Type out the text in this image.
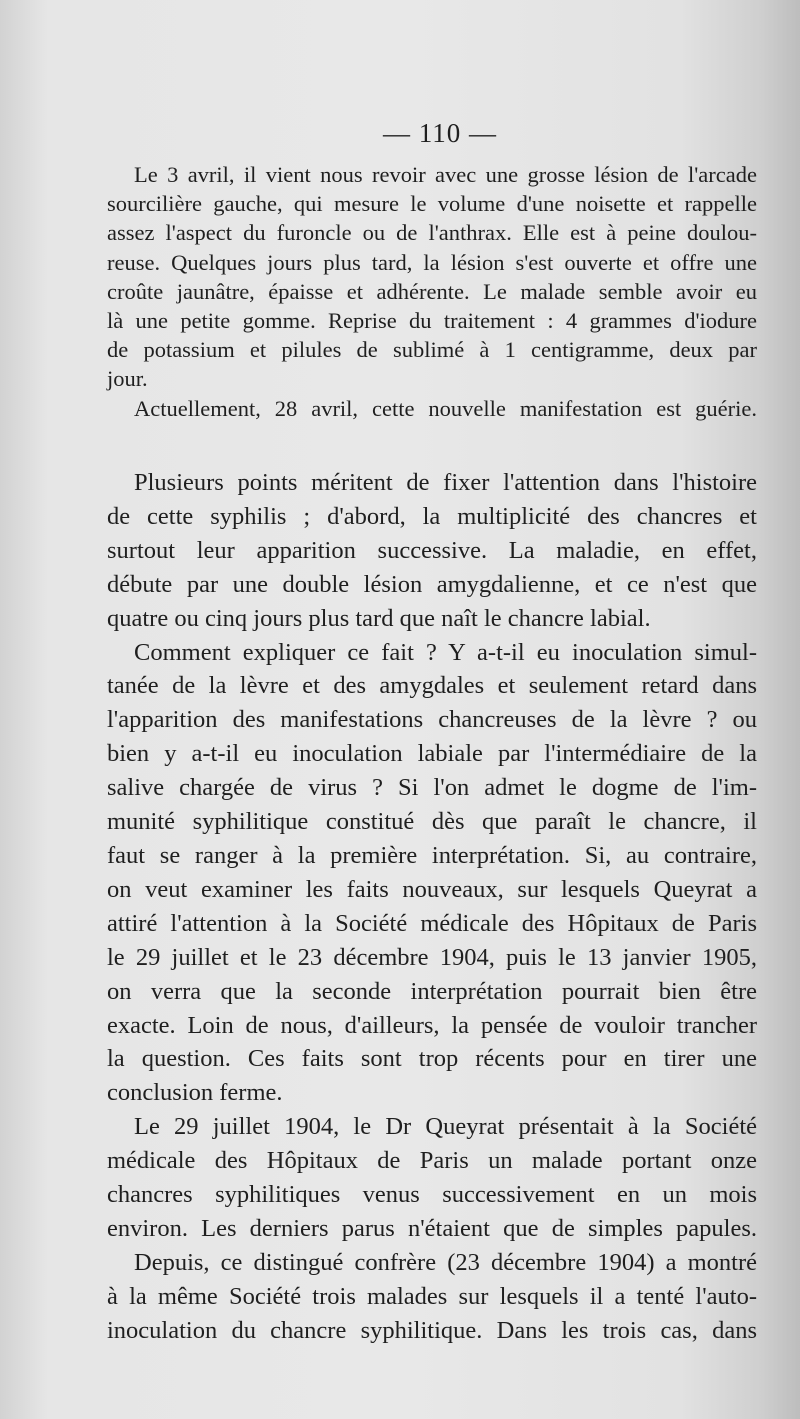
— 110 —
Le 3 avril, il vient nous revoir avec une grosse lésion de l'arcade
sourcilière gauche, qui mesure le volume d'une noisette et rappelle
assez l'aspect du furoncle ou de l'anthrax. Elle est à peine doulou-
reuse. Quelques jours plus tard, la lésion s'est ouverte et offre une
croûte jaunâtre, épaisse et adhérente. Le malade semble avoir eu
là une petite gomme. Reprise du traitement : 4 grammes d'iodure
de potassium et pilules de sublimé à 1 centigramme, deux par
jour.
Actuellement, 28 avril, cette nouvelle manifestation est guérie.
Plusieurs points méritent de fixer l'attention dans l'histoire
de cette syphilis ; d'abord, la multiplicité des chancres et
surtout leur apparition successive. La maladie, en effet,
débute par une double lésion amygdalienne, et ce n'est que
quatre ou cinq jours plus tard que naît le chancre labial.
Comment expliquer ce fait ? Y a-t-il eu inoculation simul-
tanée de la lèvre et des amygdales et seulement retard dans
l'apparition des manifestations chancreuses de la lèvre ? ou
bien y a-t-il eu inoculation labiale par l'intermédiaire de la
salive chargée de virus ? Si l'on admet le dogme de l'im-
munité syphilitique constitué dès que paraît le chancre, il
faut se ranger à la première interprétation. Si, au contraire,
on veut examiner les faits nouveaux, sur lesquels Queyrat a
attiré l'attention à la Société médicale des Hôpitaux de Paris
le 29 juillet et le 23 décembre 1904, puis le 13 janvier 1905,
on verra que la seconde interprétation pourrait bien être
exacte. Loin de nous, d'ailleurs, la pensée de vouloir trancher
la question. Ces faits sont trop récents pour en tirer une
conclusion ferme.
Le 29 juillet 1904, le Dr Queyrat présentait à la Société
médicale des Hôpitaux de Paris un malade portant onze
chancres syphilitiques venus successivement en un mois
environ. Les derniers parus n'étaient que de simples papules.
Depuis, ce distingué confrère (23 décembre 1904) a montré
à la même Société trois malades sur lesquels il a tenté l'auto-
inoculation du chancre syphilitique. Dans les trois cas, dans
